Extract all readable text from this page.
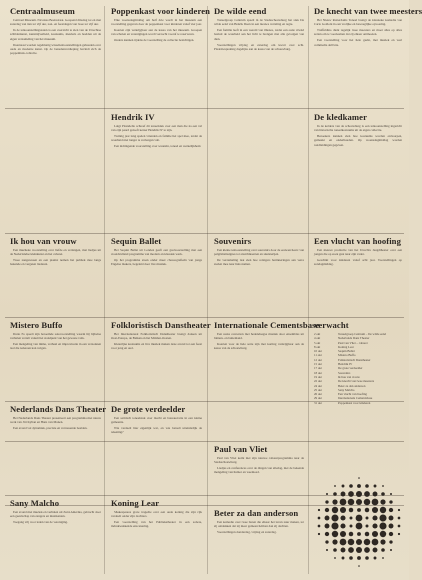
Centraalmuseum

Centraal Museum. Nicolaas Beetsstraat. Geopend dinsdag tot en met zaterdag van tien tot vijf uur, zon- en feestdagen van twee tot vijf uur.

In de tentoonstellingszalen is een overzicht te zien van de Utrechtse schilderkunst, kunstnijverheid, kostuums, meubels en beelden uit de eigen verzameling van het museum.

Daarnaast worden regelmatig wisseltentoonstellingen gehouden over oude en moderne kunst. Op de benedenverdieping bevindt zich de poppenhuis-collectie.

Poppenkast voor kinderen

Elke woensdagmiddag om half drie wordt in het museum een voorstelling gegeven door de poppenkast voor kinderen vanaf vier jaar.

Kaarten zijn verkrijgbaar aan de kassa van het museum. Groepen van scholen en verenigingen wordt verzocht vooraf te reserveren.

Ouders kunnen tijdens de voorstelling de collectie bezichtigen.

De wilde eend

Toneelgroep Centrum speelt in de Stadsschouwburg het stuk De wilde eend van Henrik Ibsen in een nieuwe vertaling en regie.

Een familie leeft in een wereld van illusies, totdat een oude vriend besluit de waarheid aan het licht te brengen met alle gevolgen van dien.

Voorstellingen vrijdag en zaterdag om kwart over acht. Plaatsbespreking dagelijks aan de kassa van de schouwburg.

De knecht van twee meesters

Het Nieuw Rotterdams Toneel brengt de klassieke komedie van Carlo Goldoni in een vrolijke en beweeglijke opvoering.

Truffaldino dient tegelijk twee meesters en moet alles op alles zetten om te voorkomen dat zij elkaar ontmoeten.

Een voorstelling voor het hele gezin, met muziek en veel commedia dell'arte.

Hendrik IV

Luigi Pirandello schreef dit toneelstuk over een man die na een val van zijn paard gelooft keizer Hendrik IV te zijn.

Twintig jaar lang spelen vrienden en familie het spel mee, totdat de waarheid niet langer te verbergen valt.

Een indringende voorstelling over waanzin, toneel en werkelijkheid.

De kledkamer

In de kelders van de schouwburg is een tentoonstelling ingericht van historische toneelkostuums uit de eigen collectie.

Bezoekers kunnen zien hoe kostuums worden ontworpen, gemaakt en onderhouden. Op woensdagmiddag worden rondleidingen gegeven.

Ik hou van vrouw

Een muzikale voorstelling over liefde en verlangen, met liedjes uit de Nederlandse kleinkunst en het cabaret.

Twee zangeressen en een pianist nemen het publiek mee langs bekende en vergeten liederen.

Sequin Ballet

Het Sequin Ballet uit Londen geeft een gastvoorstelling met een avondvullend programma van modern en klassiek werk.

Op het programma staan onder meer choreografieën van jonge Engelse makers, begeleid door live muziek.

Souvenirs

Een kleine tentoonstelling over souvenirs door de eeuwen heen: van pelgrimsinsignes tot ansichtkaarten en snuisterijen.

De verzameling laat zien hoe reizigers herinneringen aan verre steden mee naar huis namen.

Een vlucht van hoofing

Een nieuwe productie van het Utrechts Jeugdtheater over een jongen die op zoek gaat naar zijn vader.

Geschikt voor kinderen vanaf acht jaar. Voorstellingen op zondagmiddag.

Mistero Buffo

Dario Fo speelt zijn beroemde solovoorstelling waarin hij bijbelse verhalen vertelt vanuit het standpunt van het gewone volk.

Een mengeling van mime, verhaal en improvisatie in een verzonnen taal die iedereen kan volgen.

Folkloristisch Danstheater

Het Internationaal Folkloristisch Danstheater brengt dansen uit Oost-Europa, de Balkan en het Midden-Oosten.

Kleurrijke kostuums en live muziek maken deze avond tot een feest voor jong en oud.

Internationale Cementsbase

Een reeks concerten met hedendaagse muziek door ensembles uit binnen- en buitenland.

Kaarten voor de hele serie zijn met korting verkrijgbaar aan de kassa van de schouwburg.

Nederlands Dans Theater

Het Nederlands Dans Theater presenteert een programma met nieuw werk van Jiri Kylian en Hans van Manen.

Een avond vol dynamiek, precisie en verrassende beelden.

De grote verdeelder

Een satirisch toneelstuk over macht en bureaucratie in een kleine gemeente.

Wie verdeelt hier eigenlijk wat, en wie betaalt uiteindelijk de rekening?

Paul van Vliet

Paul van Vliet komt met zijn nieuwe cabaretprogramma naar de Stadsschouwburg.

Liedjes en conferences over de dingen van alledag, met de bekende mengeling van humor en weemoed.

Sany Malcho

Een avond met muziek en verhalen uit Zuid-Amerika, gebracht door een gezelschap van zangers en muzikanten.

Toegang vrij voor leden van de vereniging.

Koning Lear

Shakespeares grote tragedie over een oude koning die zijn rijk verdeelt onder zijn dochters.

Een voorstelling van het Publiekstheater in een sobere, indrukwekkende enscenering.

Beter za dan anderson

Een komedie over twee buren die elkaar het leven zuur maken, tot zij ontdekken dat zij meer gemeen hebben dan zij dachten.

Voorstellingen donderdag, vrijdag en zaterdag.

verwacht
2 okt	Toneelgroep Centrum – De wilde eend
4 okt	Nederlands Dans Theater
5 okt	Paul van Vliet – cabaret
8 okt	Koning Lear
10 okt	Sequin Ballet
11 okt	Mistero Buffo
12 okt	Folkloristisch Danstheater
15 okt	Hendrik IV
17 okt	De grote verdeelder
18 okt	Souvenirs
19 okt	Ik hou van vrouw
22 okt	De knecht van twee meesters
24 okt	Beter za dan anderson
25 okt	Sany Malcho
26 okt	Een vlucht van hoofing
29 okt	Internationale Cementsbase
31 okt	Poppenkast voor kinderen
